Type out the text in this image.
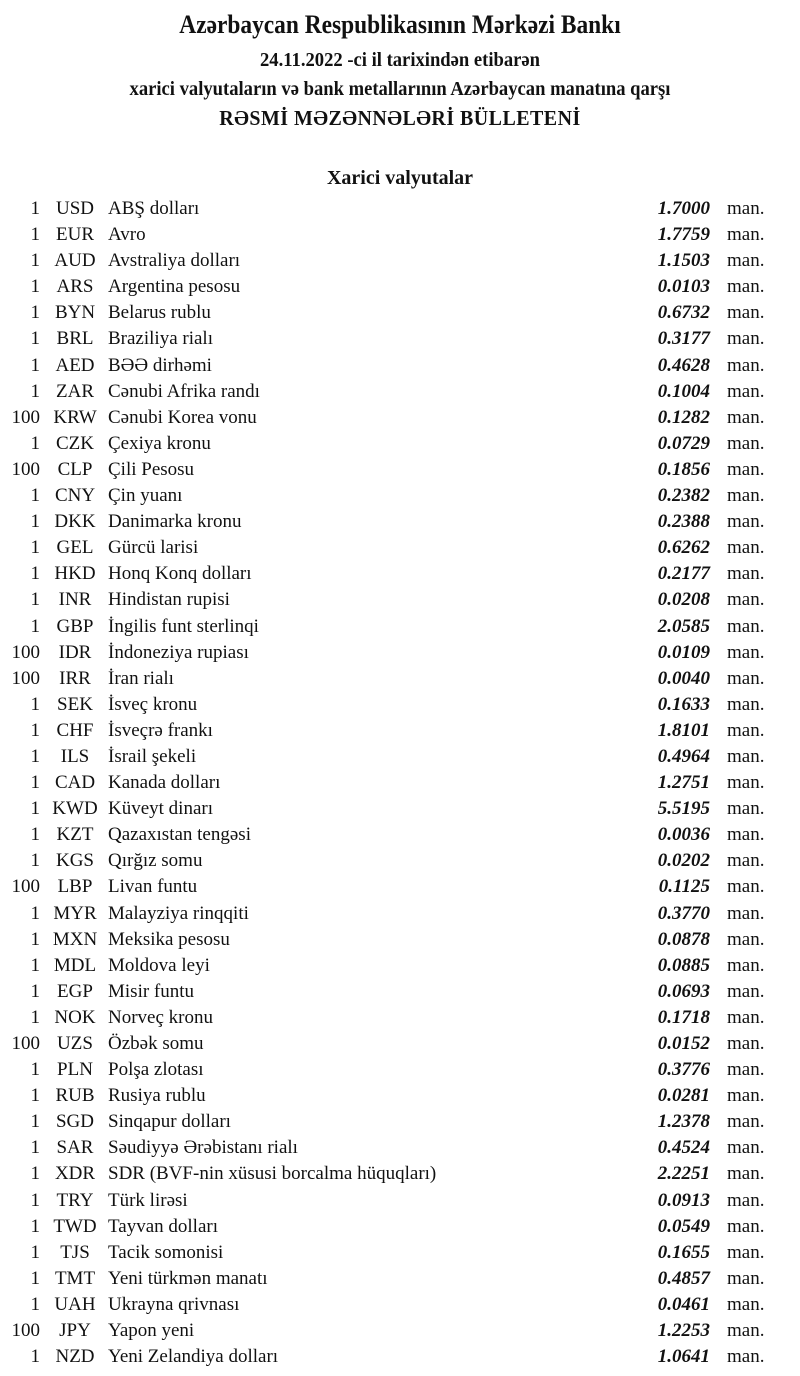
Azərbaycan Respublikasının Mərkəzi Bankı
24.11.2022 -ci il tarixindən etibarən
xarici valyutaların və bank metallarının Azərbaycan manatına qarşı
RƏSMİ MƏZƏNNƏLƏRİ BÜLLETENİ
Xarici valyutalar
1 USD ABŞ dolları	1.7000 man.
1 EUR Avro	1.7759 man.
1 AUD Avstraliya dolları	1.1503 man.
1 ARS Argentina pesosu	0.0103 man.
1 BYN Belarus rublu	0.6732 man.
1 BRL Braziliya rialı	0.3177 man.
1 AED BƏƏ dirhəmi	0.4628 man.
1 ZAR Cənubi Afrika randı	0.1004 man.
100 KRW Cənubi Korea vonu	0.1282 man.
1 CZK Çexiya kronu	0.0729 man.
100 CLP Çili Pesosu	0.1856 man.
1 CNY Çin yuanı	0.2382 man.
1 DKK Danimarka kronu	0.2388 man.
1 GEL Gürcü larisi	0.6262 man.
1 HKD Honq Konq dolları	0.2177 man.
1 INR Hindistan rupisi	0.0208 man.
1 GBP İngilis funt sterlinqi	2.0585 man.
100 IDR İndoneziya rupiası	0.0109 man.
100	IRR İran rialı	0.0040 man.
1 SEK İsveç kronu	0.1633 man.
1 CHF İsveçrə frankı	1.8101 man.
1	ILS İsrail şekeli	0.4964 man.
1 CAD Kanada dolları	1.2751 man.
1 KWD Küveyt dinarı	5.5195 man.
1 KZT Qazaxıstan tengəsi	0.0036 man.
1 KGS Qırğız somu	0.0202 man.
100 LBP Livan funtu	0.1125 man.
1 MYR Malayziya rinqqiti	0.3770 man.
1 MXN Meksika pesosu	0.0878 man.
1 MDL Moldova leyi	0.0885 man.
1 EGP Misir funtu	0.0693 man.
1 NOK Norveç kronu	0.1718 man.
100 UZS Özbək somu	0.0152 man.
1 PLN Polşa zlotası	0.3776 man.
1 RUB Rusiya rublu	0.0281 man.
1 SGD Sinqapur dolları	1.2378 man.
1 SAR Səudiyyə Ərəbistanı rialı	0.4524 man.
1 XDR SDR (BVF-nin xüsusi borcalma hüquqları)	2.2251 man.
1 TRY Türk lirəsi	0.0913 man.
1 TWD Tayvan dolları	0.0549 man.
1	TJS Tacik somonisi	0.1655 man.
1 TMT Yeni türkmən manatı	0.4857 man.
1 UAH Ukrayna qrivnası	0.0461 man.
100	JPY Yapon yeni	1.2253 man.
1 NZD Yeni Zelandiya dolları	1.0641 man.
